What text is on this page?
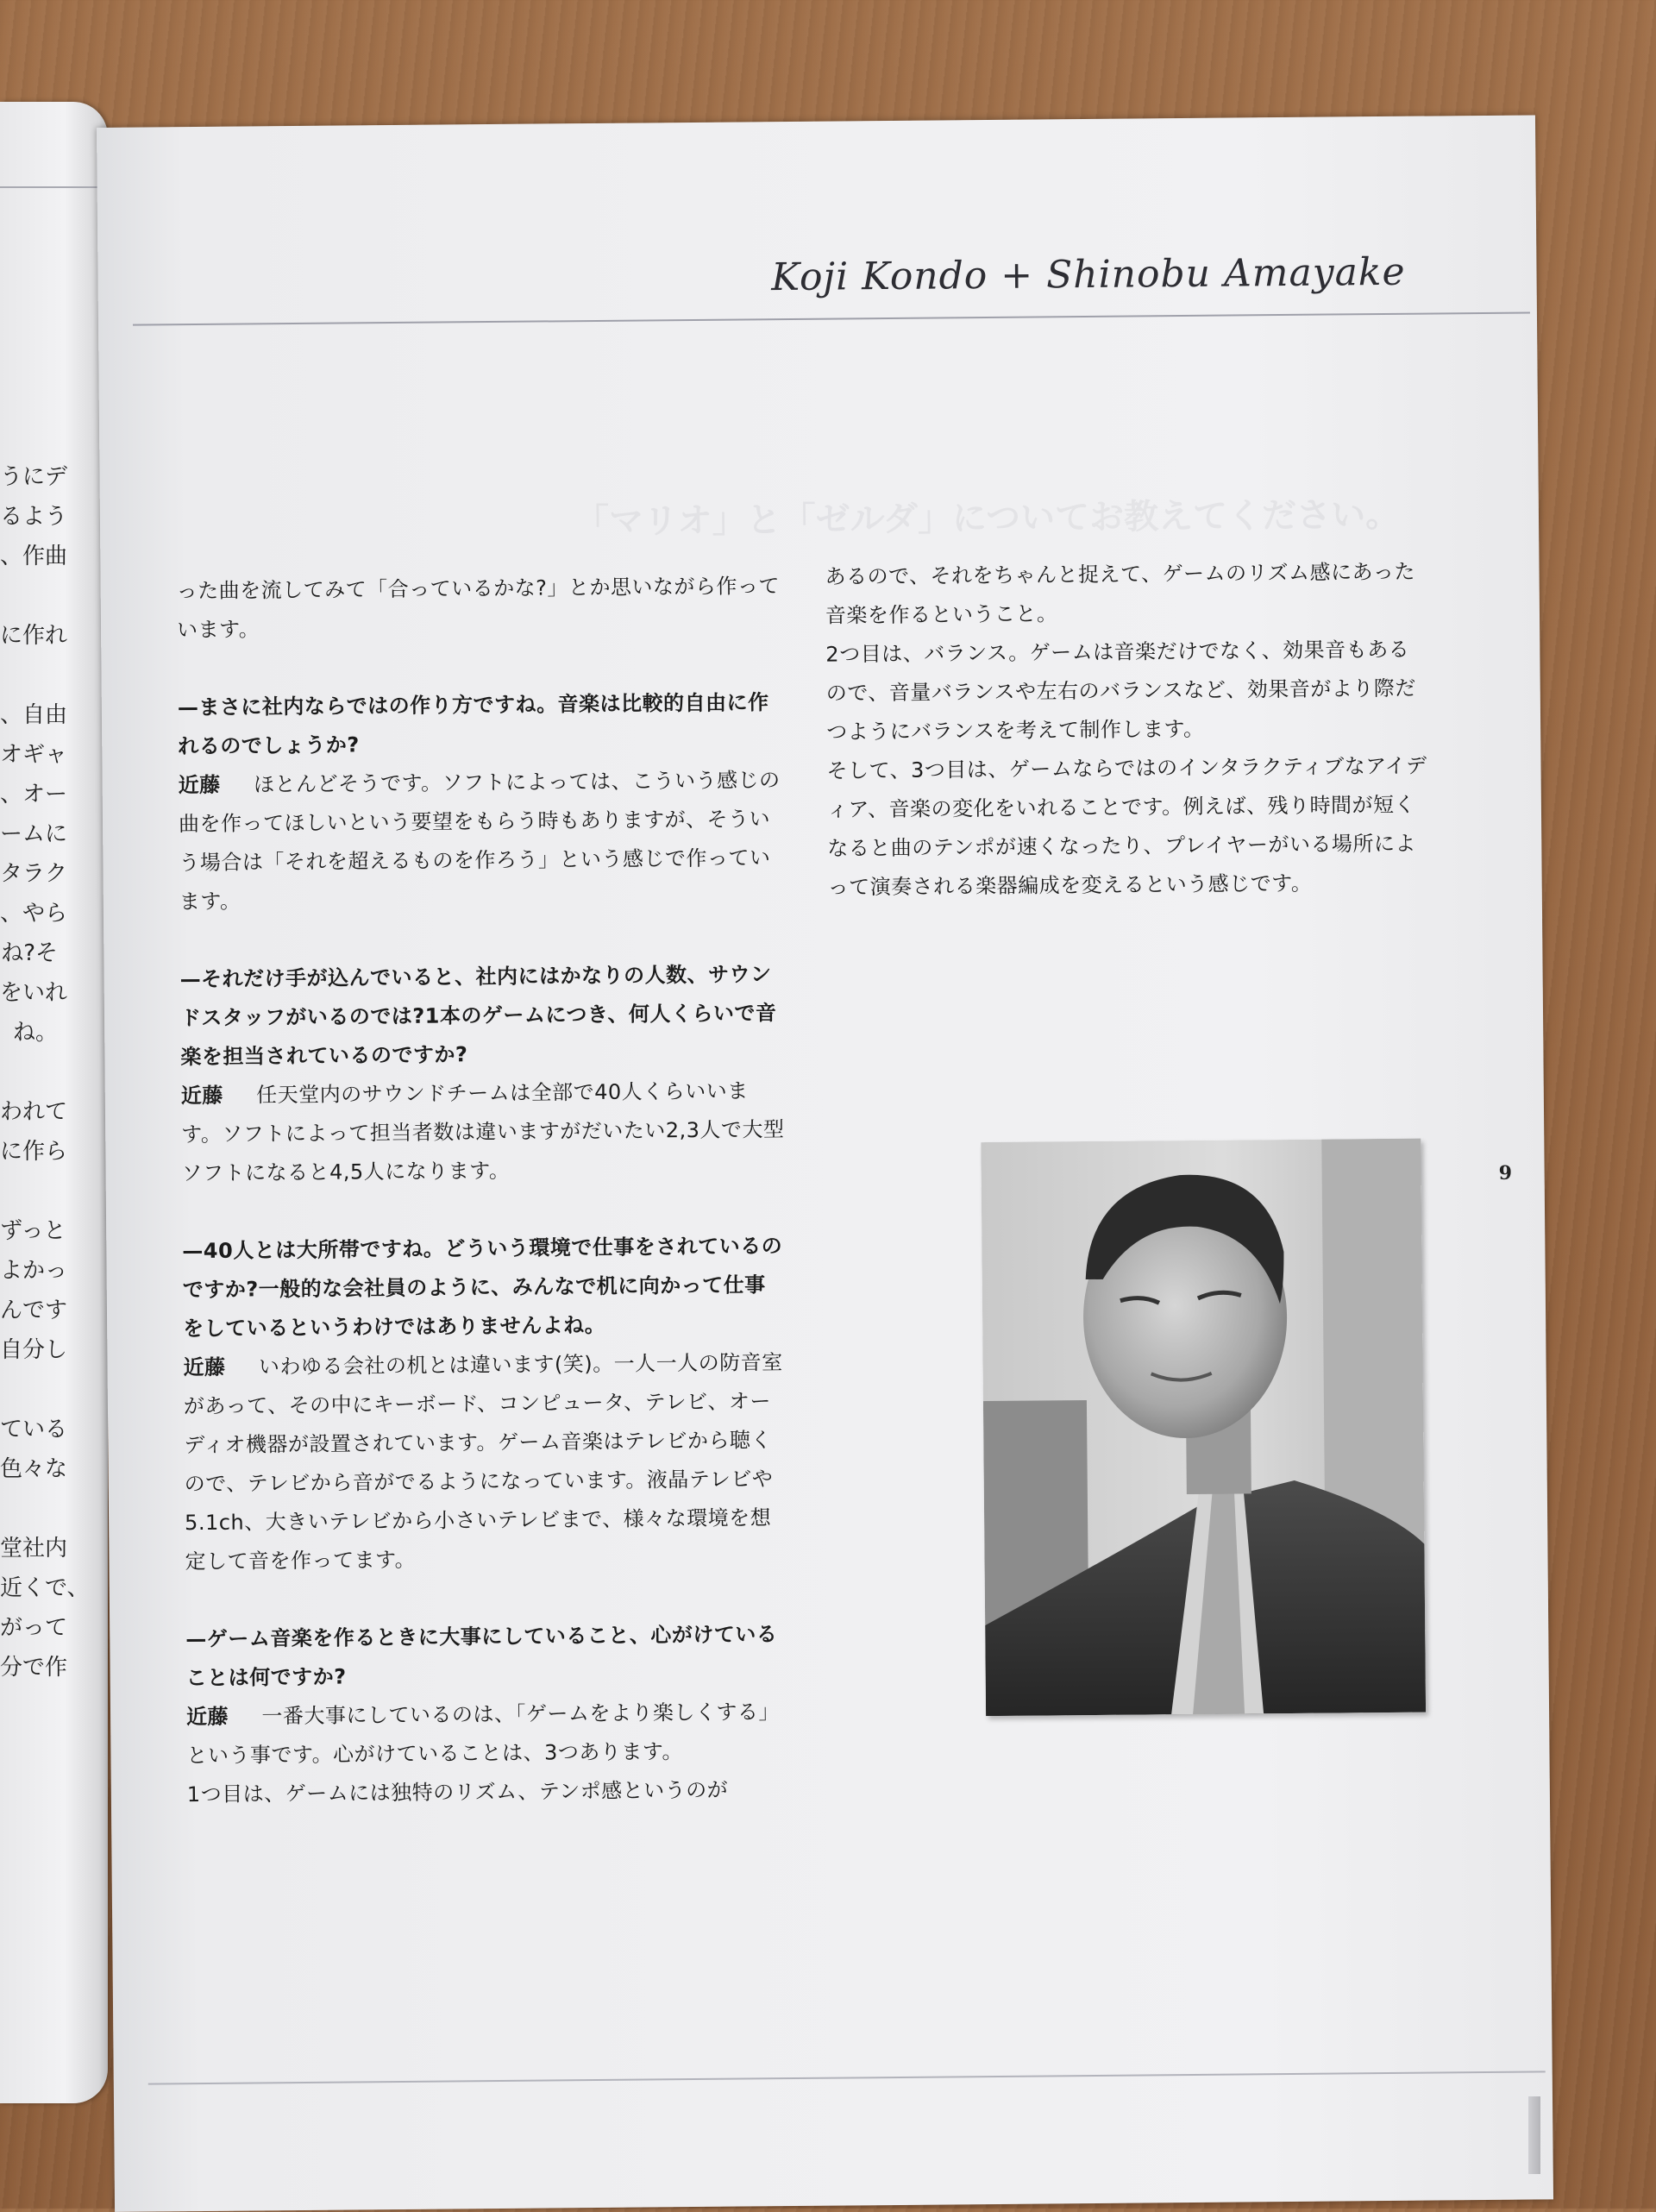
うにデ
るよう
、作曲
に作れ
、自由
オギャ
、オー
ームに
タラク
、やら
ね?そ
をいれ
ね。
われて
に作ら
ずっと
よかっ
んです
自分し
ている
色々な
堂社内
近くで、
がって
分で作
Koji Kondo + Shinobu Amayake
「マリオ」と「ゼルダ」についてお教えてください。

った曲を流してみて「合っているかな?」とか思いながら作っています。

—まさに社内ならではの作り方ですね。音楽は比較的自由に作れるのでしょうか?

近藤 ほとんどそうです。ソフトによっては、こういう感じの曲を作ってほしいという要望をもらう時もありますが、そういう場合は「それを超えるものを作ろう」という感じで作っています。

—それだけ手が込んでいると、社内にはかなりの人数、サウンドスタッフがいるのでは?1本のゲームにつき、何人くらいで音楽を担当されているのですか?

近藤 任天堂内のサウンドチームは全部で40人くらいいます。ソフトによって担当者数は違いますがだいたい2,3人で大型ソフトになると4,5人になります。

—40人とは大所帯ですね。どういう環境で仕事をされているのですか?一般的な会社員のように、みんなで机に向かって仕事をしているというわけではありませんよね。

近藤 いわゆる会社の机とは違います(笑)。一人一人の防音室があって、その中にキーボード、コンピュータ、テレビ、オーディオ機器が設置されています。ゲーム音楽はテレビから聴くので、テレビから音がでるようになっています。液晶テレビや5.1ch、大きいテレビから小さいテレビまで、様々な環境を想定して音を作ってます。

—ゲーム音楽を作るときに大事にしていること、心がけていることは何ですか?

近藤 一番大事にしているのは、「ゲームをより楽しくする」という事です。心がけていることは、3つあります。

1つ目は、ゲームには独特のリズム、テンポ感というのが

あるので、それをちゃんと捉えて、ゲームのリズム感にあった音楽を作るということ。

2つ目は、バランス。ゲームは音楽だけでなく、効果音もあるので、音量バランスや左右のバランスなど、効果音がより際だつようにバランスを考えて制作します。

そして、3つ目は、ゲームならではのインタラクティブなアイディア、音楽の変化をいれることです。例えば、残り時間が短くなると曲のテンポが速くなったり、プレイヤーがいる場所によって演奏される楽器編成を変えるという感じです。

9
